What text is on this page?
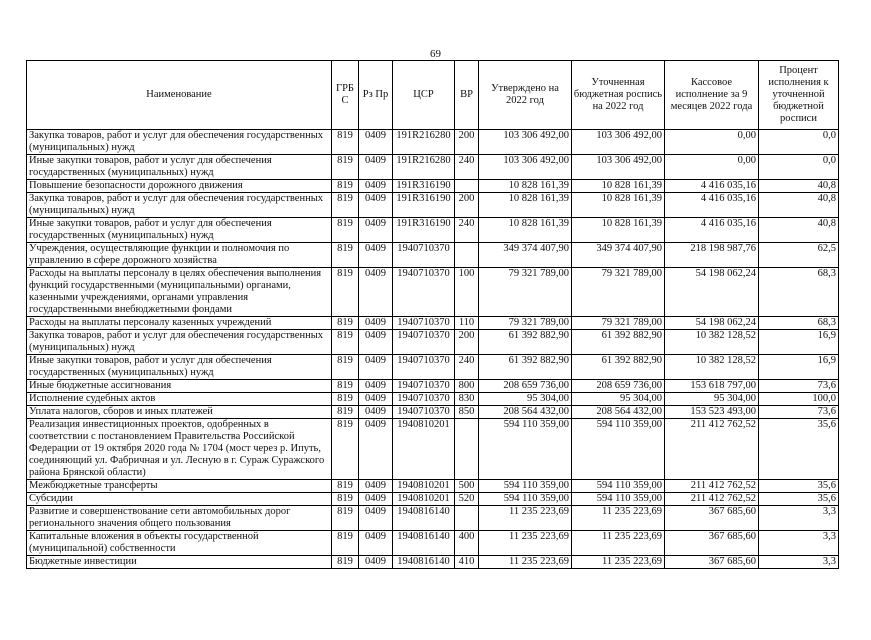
69
Наименование	ГРБС	Рз Пр	ЦСР	ВР	Утверждено на 2022 год	Уточненная бюджетная роспись на 2022 год	Кассовое исполнение за 9 месяцев 2022 года	Процент исполнения к уточненной бюджетной росписи
Закупка товаров, работ и услуг для обеспечения государственных (муниципальных) нужд	819	0409	191R216280	200	103 306 492,00	103 306 492,00	0,00	0,0
Иные закупки товаров, работ и услуг для обеспечения государственных (муниципальных) нужд	819	0409	191R216280	240	103 306 492,00	103 306 492,00	0,00	0,0
Повышение безопасности дорожного движения	819	0409	191R316190		10 828 161,39	10 828 161,39	4 416 035,16	40,8
Закупка товаров, работ и услуг для обеспечения государственных (муниципальных) нужд	819	0409	191R316190	200	10 828 161,39	10 828 161,39	4 416 035,16	40,8
Иные закупки товаров, работ и услуг для обеспечения государственных (муниципальных) нужд	819	0409	191R316190	240	10 828 161,39	10 828 161,39	4 416 035,16	40,8
Учреждения, осуществляющие функции и полномочия по управлению в сфере дорожного хозяйства	819	0409	1940710370		349 374 407,90	349 374 407,90	218 198 987,76	62,5
Расходы на выплаты персоналу в целях обеспечения выполнения функций государственными (муниципальными) органами, казенными учреждениями, органами управления государственными внебюджетными фондами	819	0409	1940710370	100	79 321 789,00	79 321 789,00	54 198 062,24	68,3
Расходы на выплаты персоналу казенных учреждений	819	0409	1940710370	110	79 321 789,00	79 321 789,00	54 198 062,24	68,3
Закупка товаров, работ и услуг для обеспечения государственных (муниципальных) нужд	819	0409	1940710370	200	61 392 882,90	61 392 882,90	10 382 128,52	16,9
Иные закупки товаров, работ и услуг для обеспечения государственных (муниципальных) нужд	819	0409	1940710370	240	61 392 882,90	61 392 882,90	10 382 128,52	16,9
Иные бюджетные ассигнования	819	0409	1940710370	800	208 659 736,00	208 659 736,00	153 618 797,00	73,6
Исполнение судебных актов	819	0409	1940710370	830	95 304,00	95 304,00	95 304,00	100,0
Уплата налогов, сборов и иных платежей	819	0409	1940710370	850	208 564 432,00	208 564 432,00	153 523 493,00	73,6
Реализация инвестиционных проектов, одобренных в соответствии с постановлением Правительства Российской Федерации от 19 октября 2020 года № 1704 (мост через р. Ипуть, соединяющий ул. Фабричная и ул. Лесную в г. Сураж Суражского района Брянской области)	819	0409	1940810201		594 110 359,00	594 110 359,00	211 412 762,52	35,6
Межбюджетные трансферты	819	0409	1940810201	500	594 110 359,00	594 110 359,00	211 412 762,52	35,6
Субсидии	819	0409	1940810201	520	594 110 359,00	594 110 359,00	211 412 762,52	35,6
Развитие и совершенствование сети автомобильных дорог регионального значения общего пользования	819	0409	1940816140		11 235 223,69	11 235 223,69	367 685,60	3,3
Капитальные вложения в объекты государственной (муниципальной) собственности	819	0409	1940816140	400	11 235 223,69	11 235 223,69	367 685,60	3,3
Бюджетные инвестиции	819	0409	1940816140	410	11 235 223,69	11 235 223,69	367 685,60	3,3
